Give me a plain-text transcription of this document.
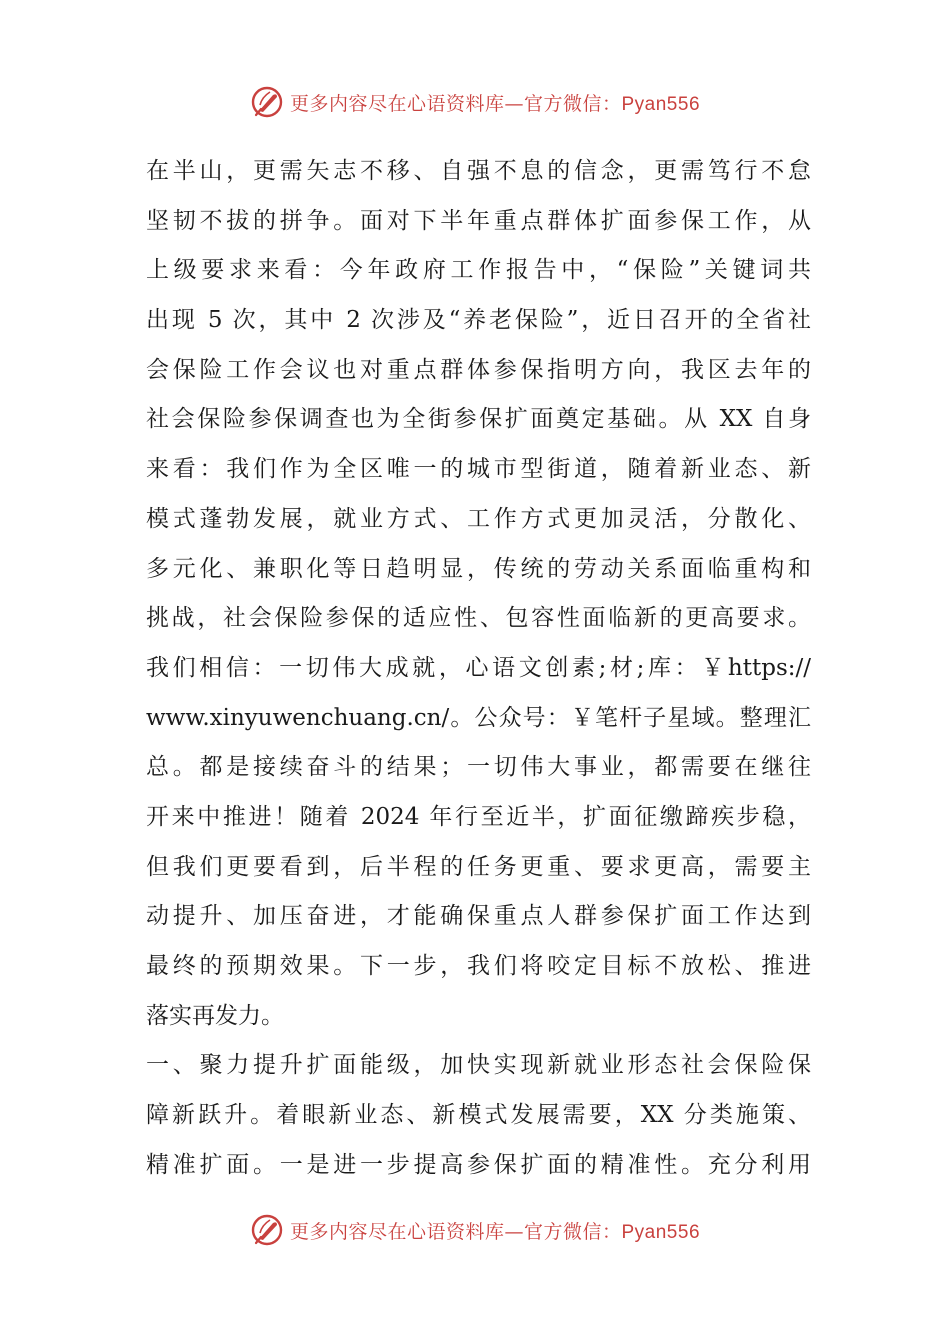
更多内容尽在心语资料库—官方微信：Pyan556
在半山，更需矢志不移、自强不息的信念，更需笃行不怠
坚韧不拔的拼争。面对下半年重点群体扩面参保工作，从
上级要求来看：今年政府工作报告中，“保险”关键词共
出现 5 次，其中 2 次涉及“养老保险”，近日召开的全省社
会保险工作会议也对重点群体参保指明方向，我区去年的
社会保险参保调查也为全街参保扩面奠定基础。从 XX 自身
来看：我们作为全区唯一的城市型街道，随着新业态、新
模式蓬勃发展，就业方式、工作方式更加灵活，分散化、
多元化、兼职化等日趋明显，传统的劳动关系面临重构和
挑战，社会保险参保的适应性、包容性面临新的更高要求。
我们相信：一切伟大成就，心语文创素;材;库：￥https://
www.xinyuwenchuang.cn/。公众号：￥笔杆子星域。整理汇
总。都是接续奋斗的结果；一切伟大事业，都需要在继往
开来中推进！随着 2024 年行至近半，扩面征缴蹄疾步稳，
但我们更要看到，后半程的任务更重、要求更高，需要主
动提升、加压奋进，才能确保重点人群参保扩面工作达到
最终的预期效果。下一步，我们将咬定目标不放松、推进
落实再发力。
一、聚力提升扩面能级，加快实现新就业形态社会保险保
障新跃升。着眼新业态、新模式发展需要，XX 分类施策、
精准扩面。一是进一步提高参保扩面的精准性。充分利用
更多内容尽在心语资料库—官方微信：Pyan556
